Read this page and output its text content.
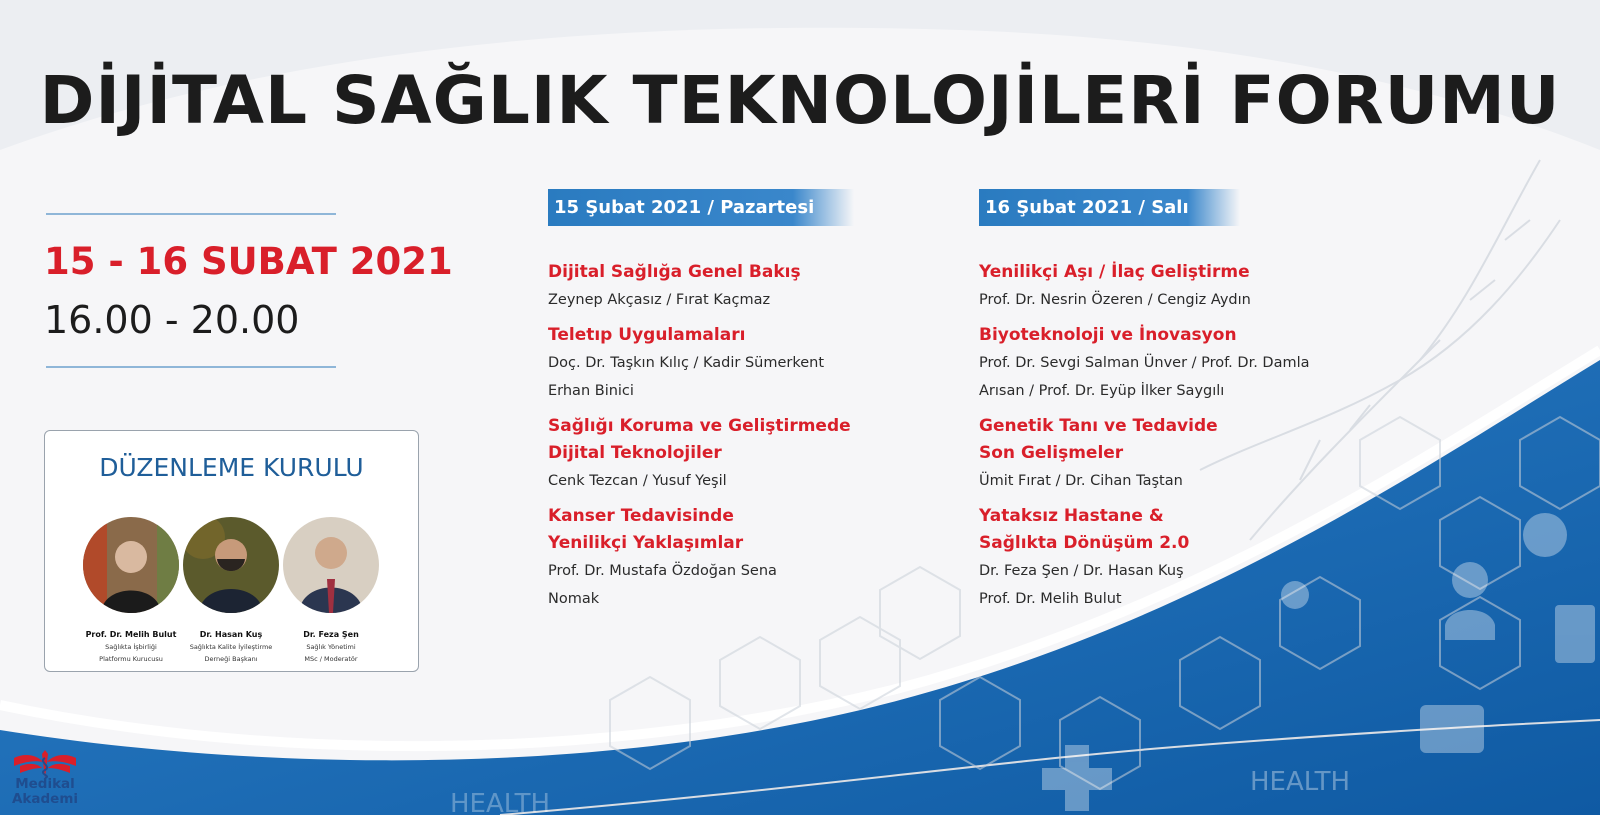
HEALTH
HEALTH
DİJİTAL SAĞLIK TEKNOLOJİLERİ FORUMU
15 - 16 SUBAT 2021
16.00 - 20.00
DÜZENLEME KURULU
Prof. Dr. Melih Bulut
Sağlıkta İşbirliği
Platformu Kurucusu
Dr. Hasan Kuş
Sağlıkta Kalite İyileştirme
Derneği Başkanı
Dr. Feza Şen
Sağlık Yönetimi
MSc / Moderatör
15 Şubat 2021 / Pazartesi	16 Şubat 2021 / Salı
Dijital Sağlığa Genel Bakış
Zeynep Akçasız / Fırat Kaçmaz
Teletıp Uygulamaları
Doç. Dr. Taşkın Kılıç / Kadir Sümerkent Erhan Binici
Sağlığı Koruma ve Geliştirmede Dijital Teknolojiler
Cenk Tezcan / Yusuf Yeşil
Kanser Tedavisinde Yenilikçi Yaklaşımlar
Prof. Dr. Mustafa Özdoğan Sena Nomak
Yenilikçi Aşı / İlaç Geliştirme
Prof. Dr. Nesrin Özeren / Cengiz Aydın
Biyoteknoloji ve İnovasyon
Prof. Dr. Sevgi Salman Ünver / Prof. Dr. Damla Arısan / Prof. Dr. Eyüp İlker Saygılı
Genetik Tanı ve Tedavide Son Gelişmeler
Ümit Fırat / Dr. Cihan Taştan
Yataksız Hastane & Sağlıkta Dönüşüm 2.0
Dr. Feza Şen / Dr. Hasan Kuş Prof. Dr. Melih Bulut
Medikal
Akademi
